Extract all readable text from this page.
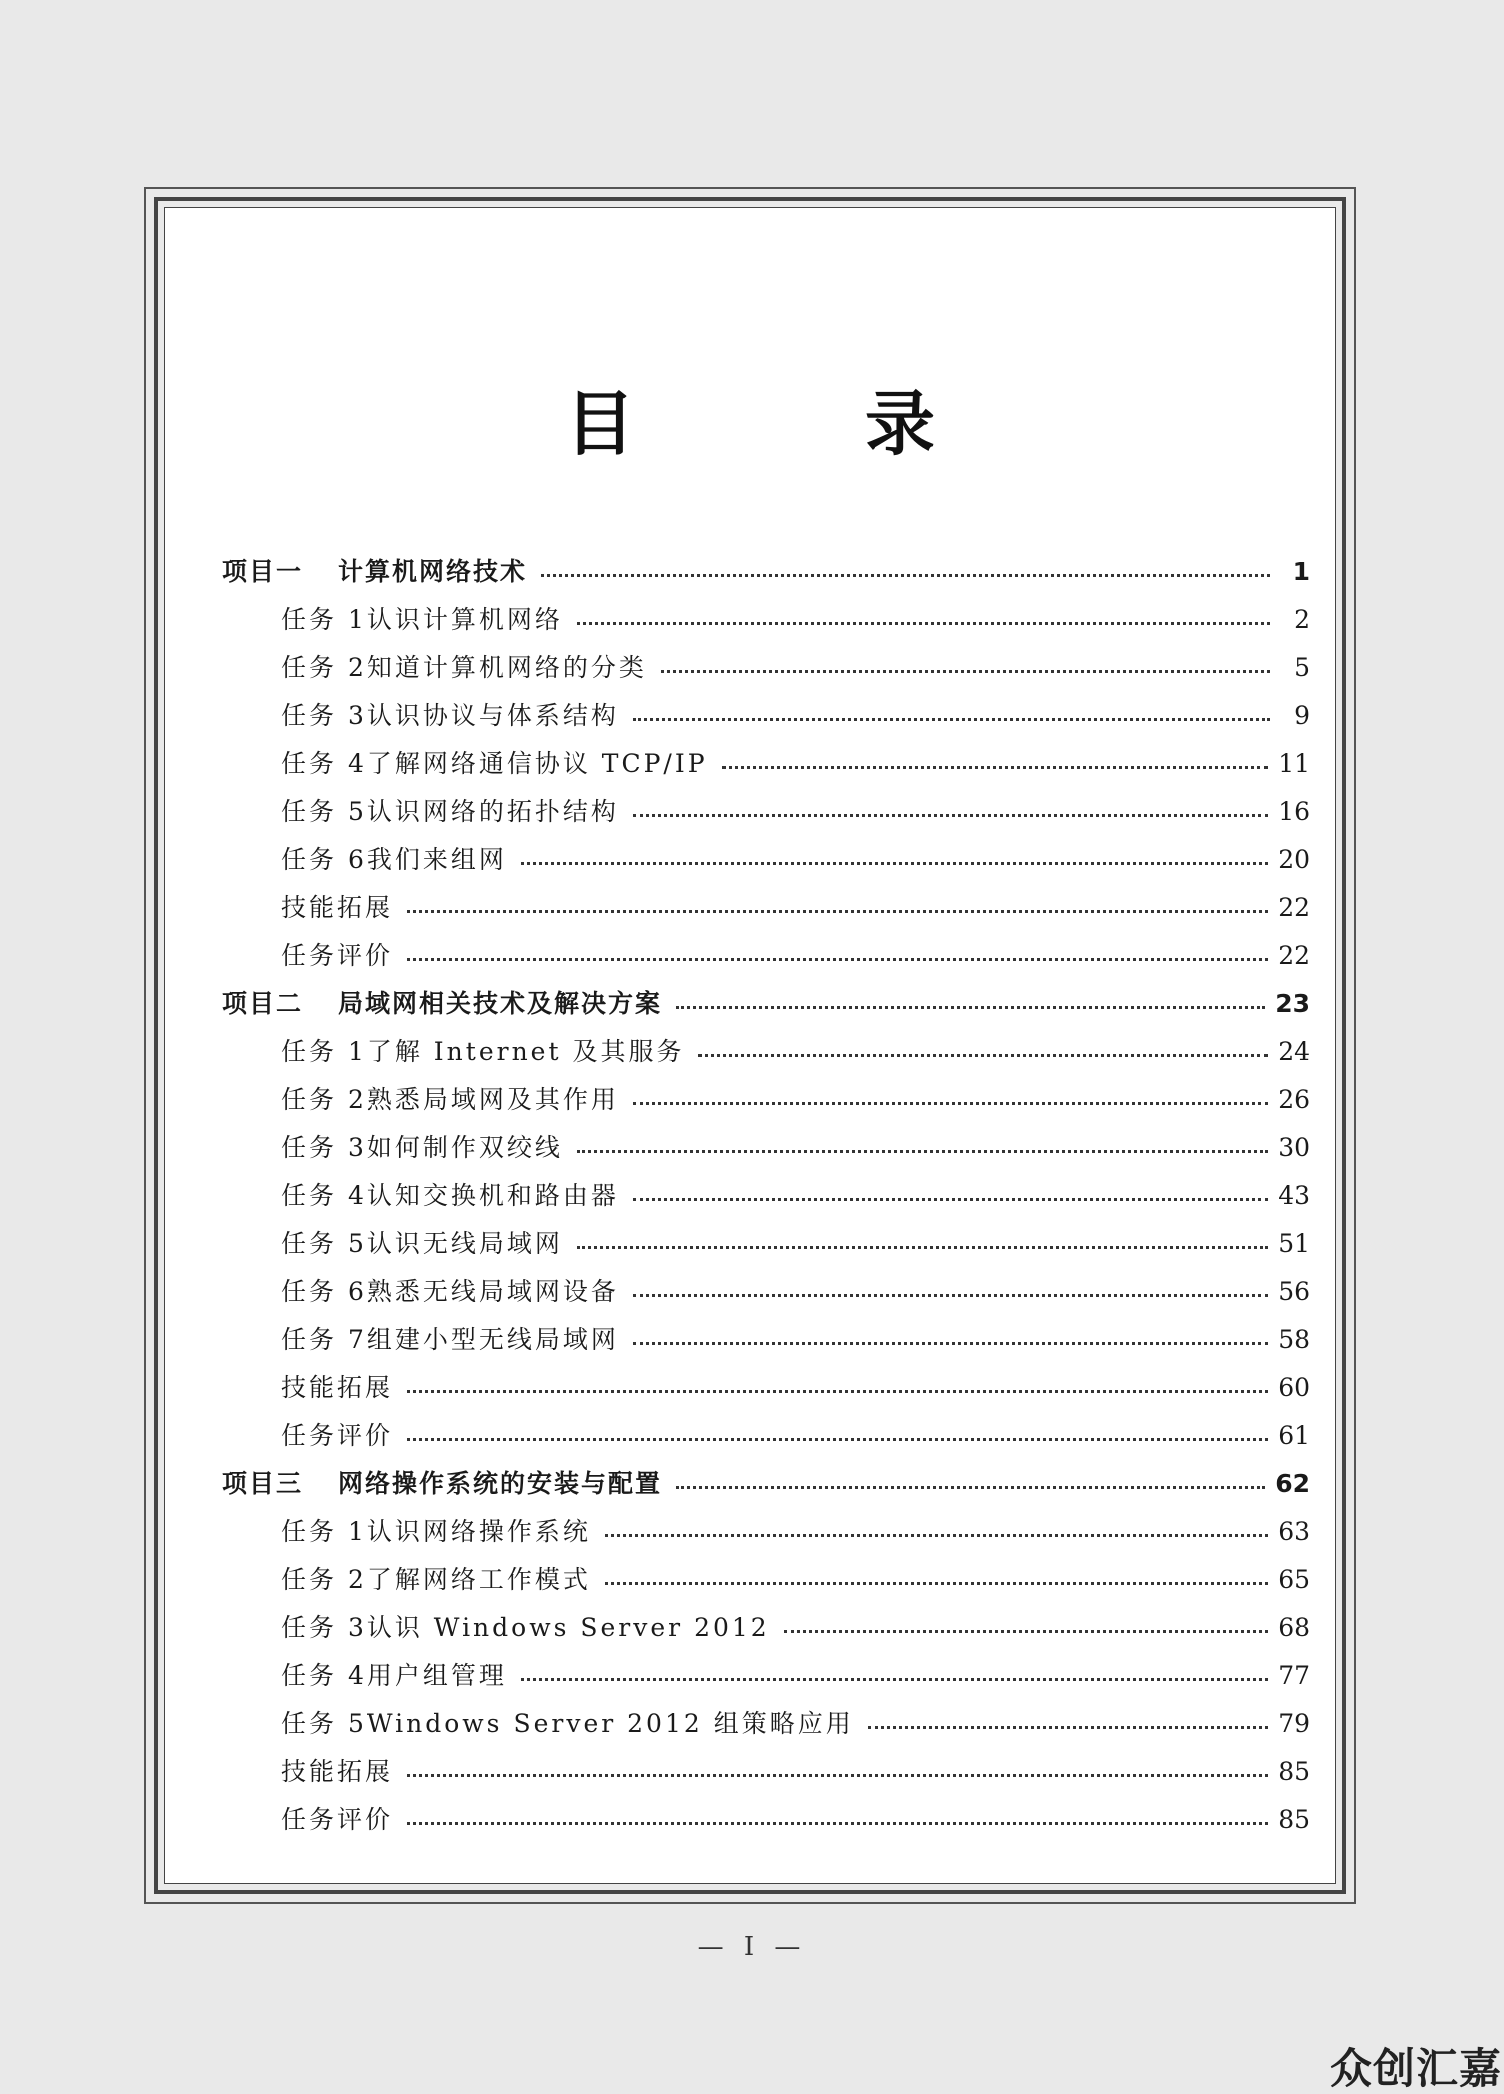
目　录
项目一 计算机网络技术	1
任务 1认识计算机网络	2
任务 2知道计算机网络的分类	5
任务 3认识协议与体系结构	9
任务 4了解网络通信协议 TCP/IP	11
任务 5认识网络的拓扑结构	16
任务 6我们来组网	20
技能拓展	22
任务评价	22
项目二 局域网相关技术及解决方案	23
任务 1了解 Internet 及其服务	24
任务 2熟悉局域网及其作用	26
任务 3如何制作双绞线	30
任务 4认知交换机和路由器	43
任务 5认识无线局域网	51
任务 6熟悉无线局域网设备	56
任务 7组建小型无线局域网	58
技能拓展	60
任务评价	61
项目三 网络操作系统的安装与配置	62
任务 1认识网络操作系统	63
任务 2了解网络工作模式	65
任务 3认识 Windows Server 2012	68
任务 4用户组管理	77
任务 5Windows Server 2012 组策略应用	79
技能拓展	85
任务评价	85
— I —
众创汇嘉
